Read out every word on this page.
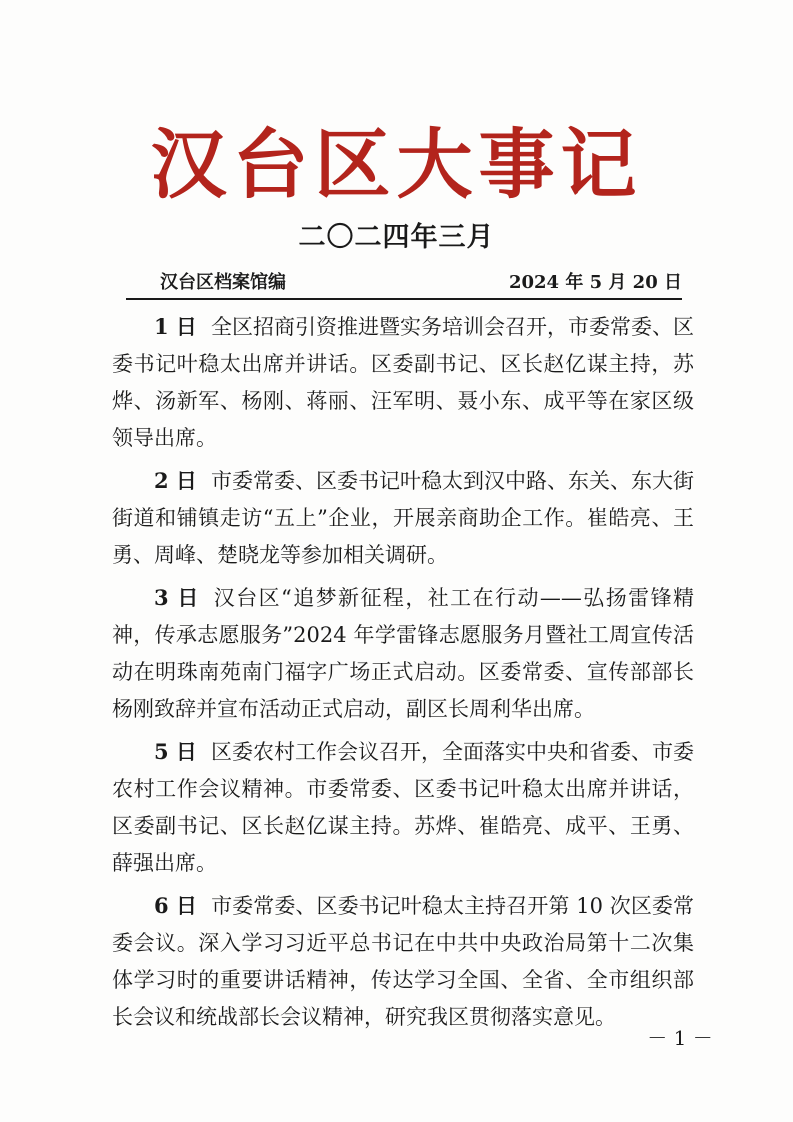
汉台区大事记
二〇二四年三月
汉台区档案馆编	2024 年 5 月 20 日

1 日 全区招商引资推进暨实务培训会召开，市委常委、区委书记叶稳太出席并讲话。区委副书记、区长赵亿谋主持，苏烨、汤新军、杨刚、蒋丽、汪军明、聂小东、成平等在家区级领导出席。

2 日 市委常委、区委书记叶稳太到汉中路、东关、东大街街道和铺镇走访“五上”企业，开展亲商助企工作。崔皓亮、王勇、周峰、楚晓龙等参加相关调研。

3 日 汉台区“追梦新征程，社工在行动——弘扬雷锋精神，传承志愿服务”2024 年学雷锋志愿服务月暨社工周宣传活动在明珠南苑南门福字广场正式启动。区委常委、宣传部部长杨刚致辞并宣布活动正式启动，副区长周利华出席。

5 日 区委农村工作会议召开，全面落实中央和省委、市委农村工作会议精神。市委常委、区委书记叶稳太出席并讲话，区委副书记、区长赵亿谋主持。苏烨、崔皓亮、成平、王勇、薛强出席。

6 日 市委常委、区委书记叶稳太主持召开第 10 次区委常委会议。深入学习习近平总书记在中共中央政治局第十二次集体学习时的重要讲话精神，传达学习全国、全省、全市组织部长会议和统战部长会议精神，研究我区贯彻落实意见。

－ 1 －
